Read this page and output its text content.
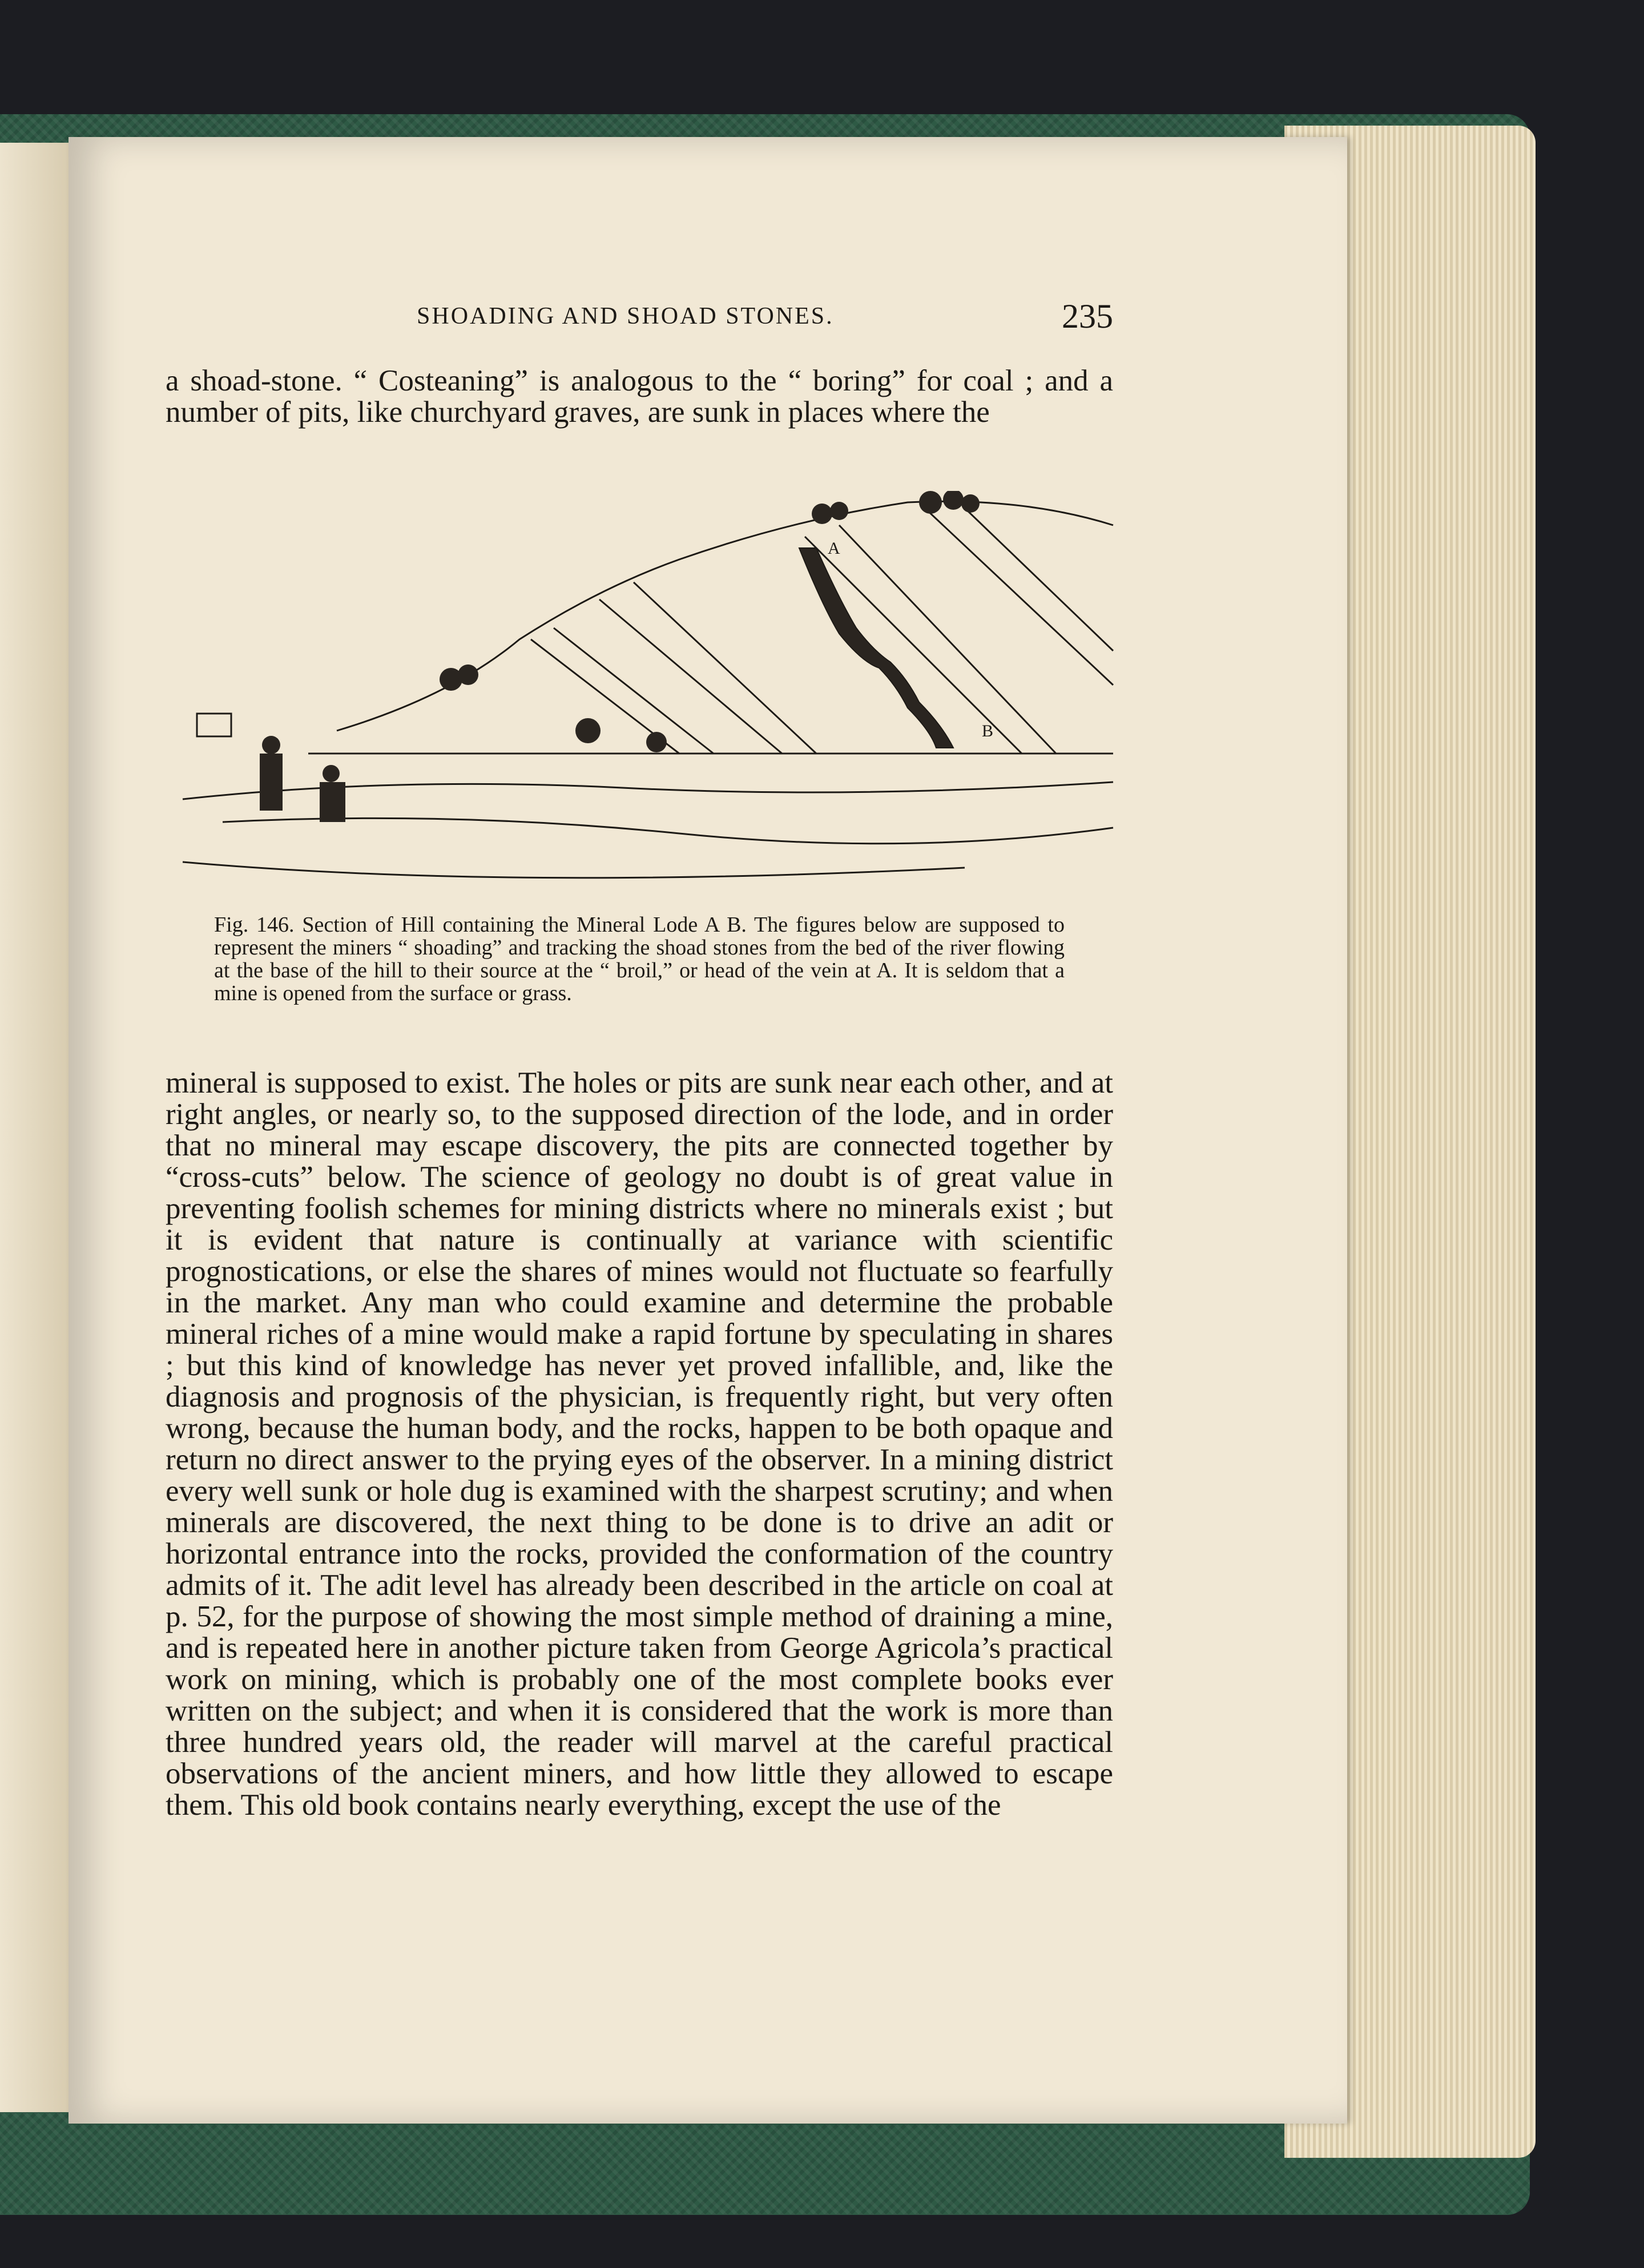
SHOADING AND SHOAD STONES.	235

a shoad-stone. “ Costeaning” is analogous to the “ boring” for coal ; and a number of pits, like churchyard graves, are sunk in places where the

A
B
Fig. 146. Section of Hill containing the Mineral Lode A B. The figures below are supposed to represent the miners “ shoading” and tracking the shoad stones from the bed of the river flowing at the base of the hill to their source at the “ broil,” or head of the vein at A. It is seldom that a mine is opened from the surface or grass.

mineral is supposed to exist. The holes or pits are sunk near each other, and at right angles, or nearly so, to the supposed direction of the lode, and in order that no mineral may escape discovery, the pits are connected together by “cross-cuts” below. The science of geology no doubt is of great value in preventing foolish schemes for mining districts where no minerals exist ; but it is evident that nature is continually at variance with scientific prognostications, or else the shares of mines would not fluctuate so fearfully in the market. Any man who could examine and determine the probable mineral riches of a mine would make a rapid fortune by speculating in shares ; but this kind of knowledge has never yet proved infallible, and, like the diagnosis and prognosis of the physician, is frequently right, but very often wrong, because the human body, and the rocks, happen to be both opaque and return no direct answer to the prying eyes of the observer. In a mining district every well sunk or hole dug is examined with the sharpest scrutiny; and when minerals are discovered, the next thing to be done is to drive an adit or horizontal entrance into the rocks, provided the conformation of the country admits of it. The adit level has already been described in the article on coal at p. 52, for the purpose of showing the most simple method of draining a mine, and is repeated here in another picture taken from George Agricola’s practical work on mining, which is probably one of the most complete books ever written on the subject; and when it is considered that the work is more than three hundred years old, the reader will marvel at the careful practical observations of the ancient miners, and how little they allowed to escape them. This old book contains nearly everything, except the use of the
